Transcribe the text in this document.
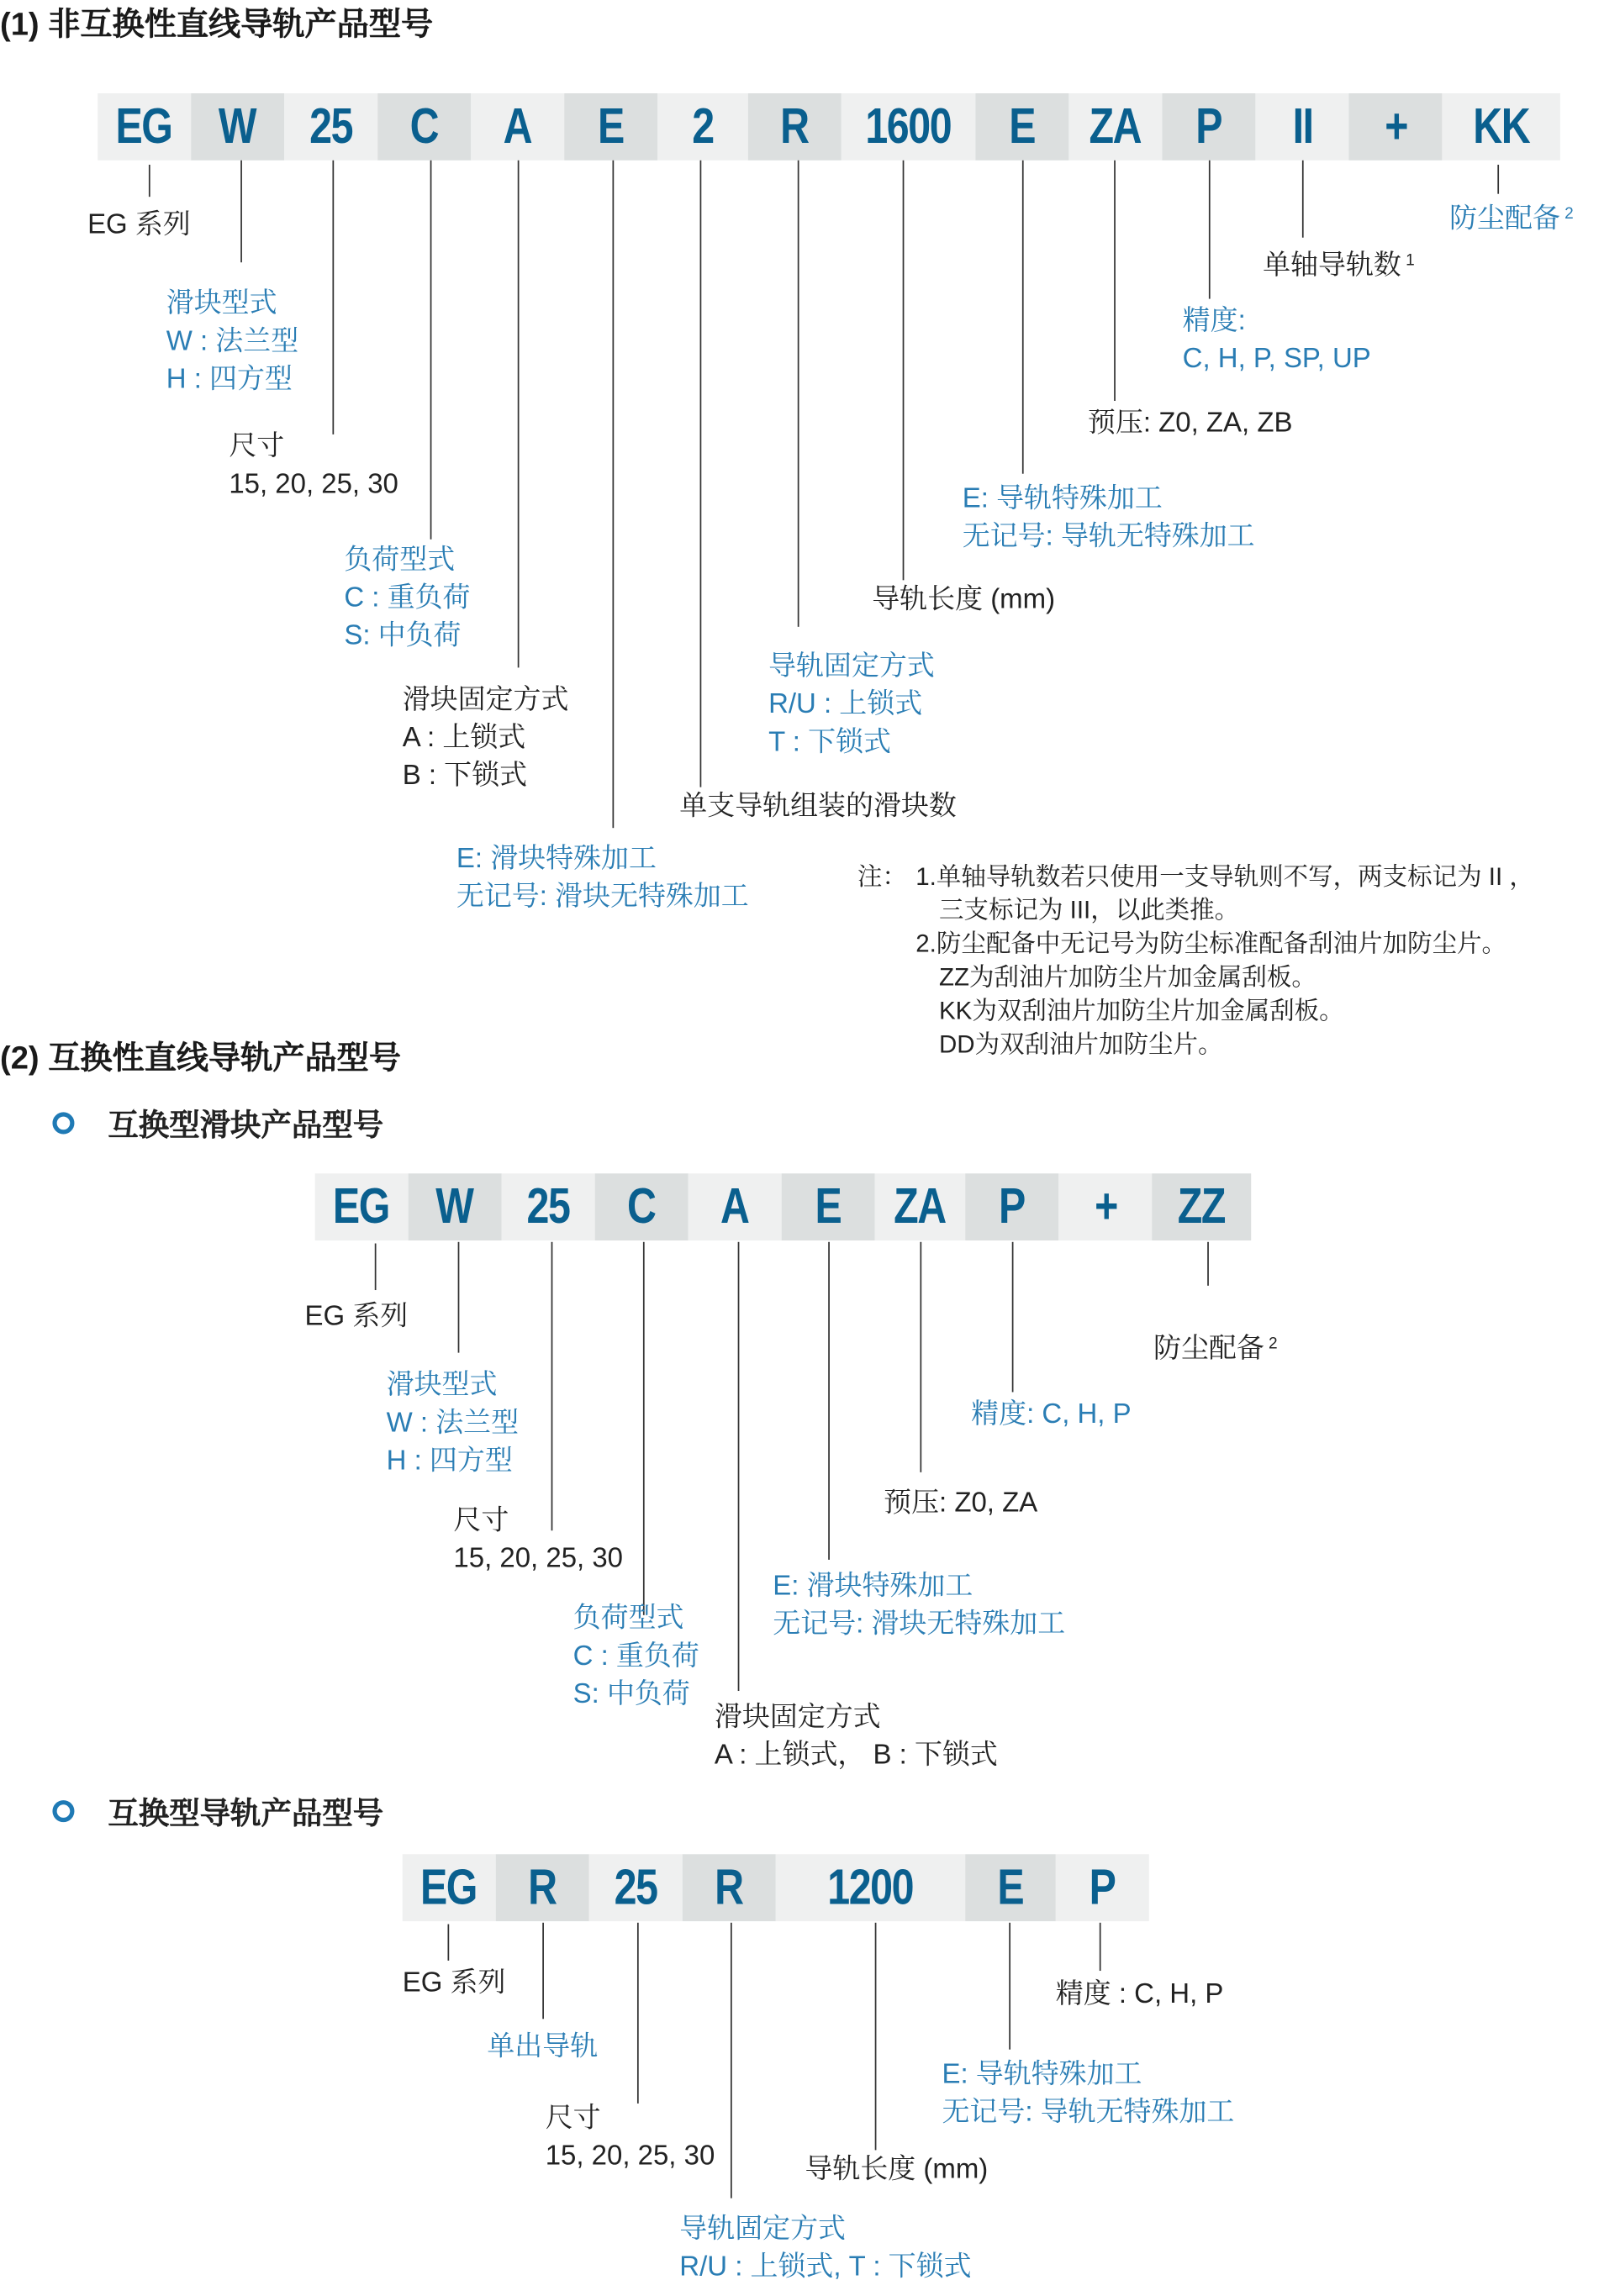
(1) 非互换性直线导轨产品型号
EG W 25 C A E 2 R 1600 E ZA P II	+ KK
EG 系列
滑块型式
W : 法兰型
H : 四方型
尺寸
15, 20, 25, 30
负荷型式
C : 重负荷
S: 中负荷
滑块固定方式
A : 上锁式
B : 下锁式
E: 滑块特殊加工
无记号: 滑块无特殊加工
单支导轨组装的滑块数
导轨固定方式
R/U : 上锁式
T : 下锁式
导轨长度 (mm)
E: 导轨特殊加工
无记号: 导轨无特殊加工
预压: Z0, ZA, ZB
精度:
C, H, P, SP, UP
单轴导轨数 $^1$
防尘配备 $^2$
注： 1.单轴导轨数若只使用一支导轨则不写，两支标记为 II ，
三支标记为 III，以此类推。
2.防尘配备中无记号为防尘标准配备刮油片加防尘片。
ZZ为刮油片加防尘片加金属刮板。
KK为双刮油片加防尘片加金属刮板。
DD为双刮油片加防尘片。
(2) 互换性直线导轨产品型号
互换型滑块产品型号
EG W 25 C A E ZA P + ZZ
EG 系列
滑块型式
W : 法兰型
H : 四方型
尺寸
15, 20, 25, 30
负荷型式
C : 重负荷
S: 中负荷
滑块固定方式
A : 上锁式， B : 下锁式
E: 滑块特殊加工
无记号: 滑块无特殊加工
预压: Z0, ZA
精度: C, H, P
防尘配备 $^2$
互换型导轨产品型号
EG R 25 R	1200	E P
EG 系列
单出导轨
尺寸
15, 20, 25, 30
导轨固定方式
R/U : 上锁式, T : 下锁式
导轨长度 (mm)
E: 导轨特殊加工
无记号: 导轨无特殊加工
精度 : C, H, P
